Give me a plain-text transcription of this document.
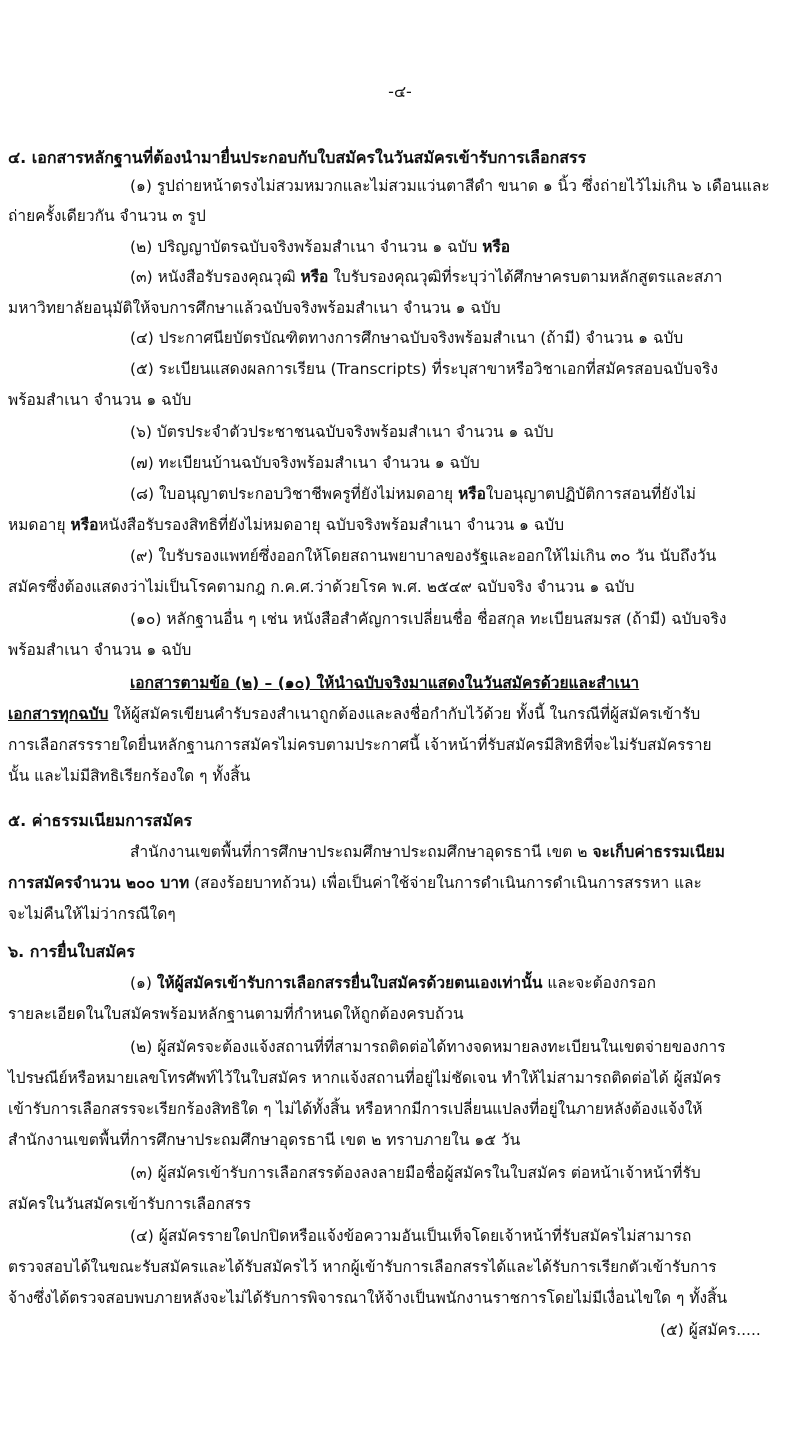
-๔-
๔. เอกสารหลักฐานที่ต้องนำมายื่นประกอบกับใบสมัครในวันสมัครเข้ารับการเลือกสรร
(๑) รูปถ่ายหน้าตรงไม่สวมหมวกและไม่สวมแว่นตาสีดำ ขนาด ๑ นิ้ว ซึ่งถ่ายไว้ไม่เกิน ๖ เดือนและ
ถ่ายครั้งเดียวกัน จำนวน ๓ รูป
(๒) ปริญญาบัตรฉบับจริงพร้อมสำเนา จำนวน ๑ ฉบับ หรือ
(๓) หนังสือรับรองคุณวุฒิ หรือ ใบรับรองคุณวุฒิที่ระบุว่าได้ศึกษาครบตามหลักสูตรและสภา
มหาวิทยาลัยอนุมัติให้จบการศึกษาแล้วฉบับจริงพร้อมสำเนา จำนวน ๑ ฉบับ
(๔) ประกาศนียบัตรบัณฑิตทางการศึกษาฉบับจริงพร้อมสำเนา (ถ้ามี) จำนวน ๑ ฉบับ
(๕) ระเบียนแสดงผลการเรียน (Transcripts) ที่ระบุสาขาหรือวิชาเอกที่สมัครสอบฉบับจริง
พร้อมสำเนา จำนวน ๑ ฉบับ
(๖) บัตรประจำตัวประชาชนฉบับจริงพร้อมสำเนา จำนวน ๑ ฉบับ
(๗) ทะเบียนบ้านฉบับจริงพร้อมสำเนา จำนวน ๑ ฉบับ
(๘) ใบอนุญาตประกอบวิชาชีพครูที่ยังไม่หมดอายุ หรือใบอนุญาตปฏิบัติการสอนที่ยังไม่
หมดอายุ หรือหนังสือรับรองสิทธิที่ยังไม่หมดอายุ ฉบับจริงพร้อมสำเนา จำนวน ๑ ฉบับ
(๙) ใบรับรองแพทย์ซึ่งออกให้โดยสถานพยาบาลของรัฐและออกให้ไม่เกิน ๓๐ วัน นับถึงวัน
สมัครซึ่งต้องแสดงว่าไม่เป็นโรคตามกฎ ก.ค.ศ.ว่าด้วยโรค พ.ศ. ๒๕๔๙ ฉบับจริง จำนวน ๑ ฉบับ
(๑๐) หลักฐานอื่น ๆ เช่น หนังสือสำคัญการเปลี่ยนชื่อ ชื่อสกุล ทะเบียนสมรส (ถ้ามี) ฉบับจริง
พร้อมสำเนา จำนวน ๑ ฉบับ
เอกสารตามข้อ (๒) – (๑๐) ให้นำฉบับจริงมาแสดงในวันสมัครด้วยและสำเนา
เอกสารทุกฉบับ ให้ผู้สมัครเขียนคำรับรองสำเนาถูกต้องและลงชื่อกำกับไว้ด้วย ทั้งนี้ ในกรณีที่ผู้สมัครเข้ารับ
การเลือกสรรรายใดยื่นหลักฐานการสมัครไม่ครบตามประกาศนี้ เจ้าหน้าที่รับสมัครมีสิทธิที่จะไม่รับสมัครราย
นั้น และไม่มีสิทธิเรียกร้องใด ๆ ทั้งสิ้น
๕. ค่าธรรมเนียมการสมัคร
สำนักงานเขตพื้นที่การศึกษาประถมศึกษาประถมศึกษาอุดรธานี เขต ๒ จะเก็บค่าธรรมเนียม
การสมัครจำนวน ๒๐๐ บาท (สองร้อยบาทถ้วน) เพื่อเป็นค่าใช้จ่ายในการดำเนินการดำเนินการสรรหา และ
จะไม่คืนให้ไม่ว่ากรณีใดๆ
๖. การยื่นใบสมัคร
(๑) ให้ผู้สมัครเข้ารับการเลือกสรรยื่นใบสมัครด้วยตนเองเท่านั้น และจะต้องกรอก
รายละเอียดในใบสมัครพร้อมหลักฐานตามที่กำหนดให้ถูกต้องครบถ้วน
(๒) ผู้สมัครจะต้องแจ้งสถานที่ที่สามารถติดต่อได้ทางจดหมายลงทะเบียนในเขตจ่ายของการ
ไปรษณีย์หรือหมายเลขโทรศัพท์ไว้ในใบสมัคร หากแจ้งสถานที่อยู่ไม่ชัดเจน ทำให้ไม่สามารถติดต่อได้ ผู้สมัคร
เข้ารับการเลือกสรรจะเรียกร้องสิทธิใด ๆ ไม่ได้ทั้งสิ้น หรือหากมีการเปลี่ยนแปลงที่อยู่ในภายหลังต้องแจ้งให้
สำนักงานเขตพื้นที่การศึกษาประถมศึกษาอุดรธานี เขต ๒ ทราบภายใน ๑๕ วัน
(๓) ผู้สมัครเข้ารับการเลือกสรรต้องลงลายมือชื่อผู้สมัครในใบสมัคร ต่อหน้าเจ้าหน้าที่รับ
สมัครในวันสมัครเข้ารับการเลือกสรร
(๔) ผู้สมัครรายใดปกปิดหรือแจ้งข้อความอันเป็นเท็จโดยเจ้าหน้าที่รับสมัครไม่สามารถ
ตรวจสอบได้ในขณะรับสมัครและได้รับสมัครไว้ หากผู้เข้ารับการเลือกสรรได้และได้รับการเรียกตัวเข้ารับการ
จ้างซึ่งได้ตรวจสอบพบภายหลังจะไม่ได้รับการพิจารณาให้จ้างเป็นพนักงานราชการโดยไม่มีเงื่อนไขใด ๆ ทั้งสิ้น
(๕) ผู้สมัคร.....
